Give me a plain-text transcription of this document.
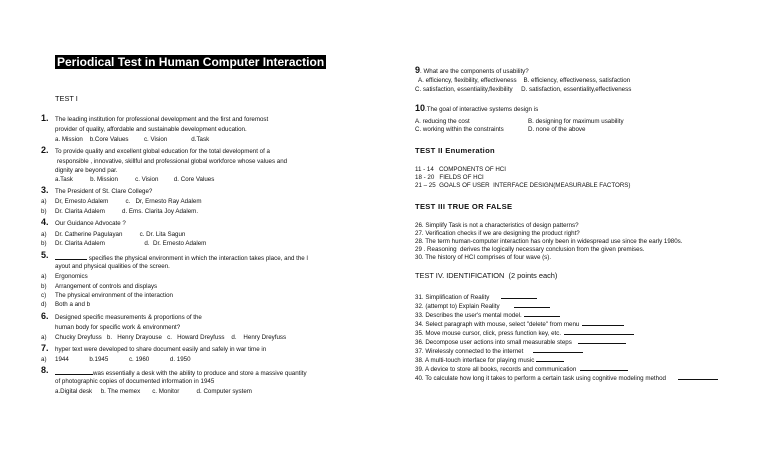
Periodical Test in Human Computer Interaction
TEST I
1. The leading institution for professional development and the first and foremost
provider of quality, affordable and sustainable development education.
a. Mission    b.Core Values         c. Vision              d.Task
2. To provide quality and excellent global education for the total development of a
responsible , innovative, skillful and professional global workforce whose values and
dignity are beyond par.
a.Task          b. Mission          c. Vision         d. Core Values
3. The President of St. Clare College?
a) Dr, Ernesto Adalem          c.   Dr, Ernesto Ray Adalem
b) Dr. Clarita Adalem          d. Ems. Clarita Joy Adalem.
4. Our Guidance Advocate ?
a) Dr. Catherine Pagulayan          c. Dr. Lita Sagun
b) Dr. Clarita Adalem                       d.  Dr. Ernesto Adalem
5.	specifies the physical environment in which the interaction takes place, and the l
ayout and physical qualities of the screen.
a) Ergonomics
b) Arrangement of controls and displays
c) The physical environment of the interaction
d) Both a and b
6. Designed specific measurements & proportions of the
human body for specific work & environment?
a) Chucky Dreyfuss   b.   Henry Drayouse   c.   Howard Dreyfuss    d.    Henry Dreyfuss
7. hyper text were developed to share document easily and safely in war time in
a) 1944            b.1945            c. 1960            d. 1950
8.	was essentially a desk with the ability to produce and store a massive quantity
of photographic copies of documented information in 1945
a.Digital desk     b. The memex       c. Monitor          d. Computer system
9. What are the components of usability?
A. efficiency, flexibility, effectiveness    B. efficiency, effectiveness, satisfaction
C. satisfaction, essentiality,flexibility     D. satisfaction, essentiality,effectiveness
10.The goal of interactive systems design is
A. reducing the cost	B. designing for maximum usability
C. working within the constraints	D. none of the above
TEST II Enumeration
11 - 14   COMPONENTS OF HCI
18 - 20   FIELDS OF HCI
21 – 25  GOALS OF USER  INTERFACE DESIGN(MEASURABLE FACTORS)
TEST III TRUE OR FALSE
26. Simplify Task is not a characteristics of design patterns?
27. Verification checks if we are designing the product right?
28. The term human-computer interaction has only been in widespread use since the early 1980s.
29 . Reasoning  derives the logically necessary conclusion from the given premises.
30. The history of HCI comprises of four wave (s).
TEST IV. IDENTIFICATION  (2 points each)
31. Simplification of Reality
32. (attempt to) Explain Reality
33. Describes the user's mental model.
34. Select paragraph with mouse, select "delete" from menu
35. Move mouse cursor, click, press function key, etc.
36. Decompose user actions into small measurable steps
37. Wirelessly connected to the internet
38. A multi-touch interface for playing music
39. A device to store all books, records and communication
40. To calculate how long it takes to perform a certain task using cognitive modeling method
